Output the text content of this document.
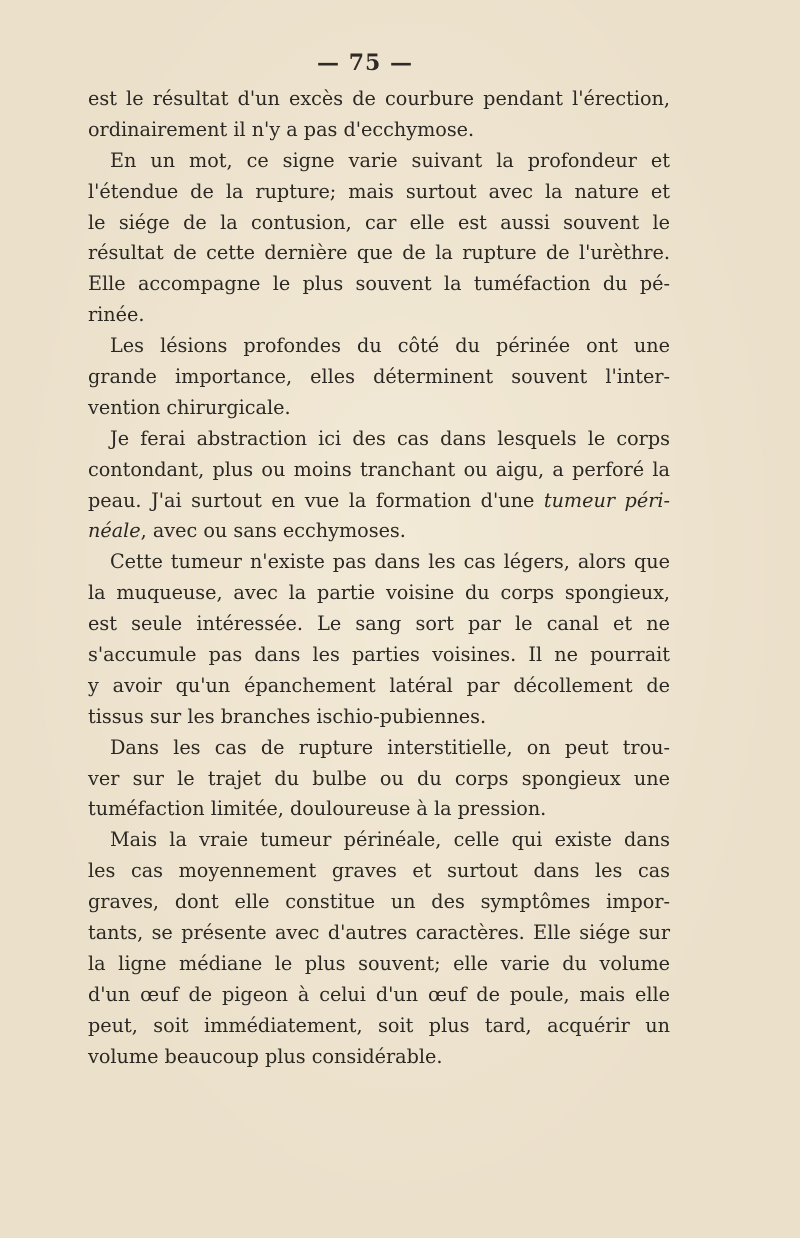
— 75 —
est le résultat d'un excès de courbure pendant l'érection,
ordinairement il n'y a pas d'ecchymose.
En un mot, ce signe varie suivant la profondeur et
l'étendue de la rupture; mais surtout avec la nature et
le siége de la contusion, car elle est aussi souvent le
résultat de cette dernière que de la rupture de l'urèthre.
Elle accompagne le plus souvent la tuméfaction du pé-
rinée.
Les lésions profondes du côté du périnée ont une
grande importance, elles déterminent souvent l'inter-
vention chirurgicale.
Je ferai abstraction ici des cas dans lesquels le corps
contondant, plus ou moins tranchant ou aigu, a perforé la
peau. J'ai surtout en vue la formation d'une tumeur péri-
néale, avec ou sans ecchymoses.
Cette tumeur n'existe pas dans les cas légers, alors que
la muqueuse, avec la partie voisine du corps spongieux,
est seule intéressée. Le sang sort par le canal et ne
s'accumule pas dans les parties voisines. Il ne pourrait
y avoir qu'un épanchement latéral par décollement de
tissus sur les branches ischio-pubiennes.
Dans les cas de rupture interstitielle, on peut trou-
ver sur le trajet du bulbe ou du corps spongieux une
tuméfaction limitée, douloureuse à la pression.
Mais la vraie tumeur périnéale, celle qui existe dans
les cas moyennement graves et surtout dans les cas
graves, dont elle constitue un des symptômes impor-
tants, se présente avec d'autres caractères. Elle siége sur
la ligne médiane le plus souvent; elle varie du volume
d'un œuf de pigeon à celui d'un œuf de poule, mais elle
peut, soit immédiatement, soit plus tard, acquérir un
volume beaucoup plus considérable.
